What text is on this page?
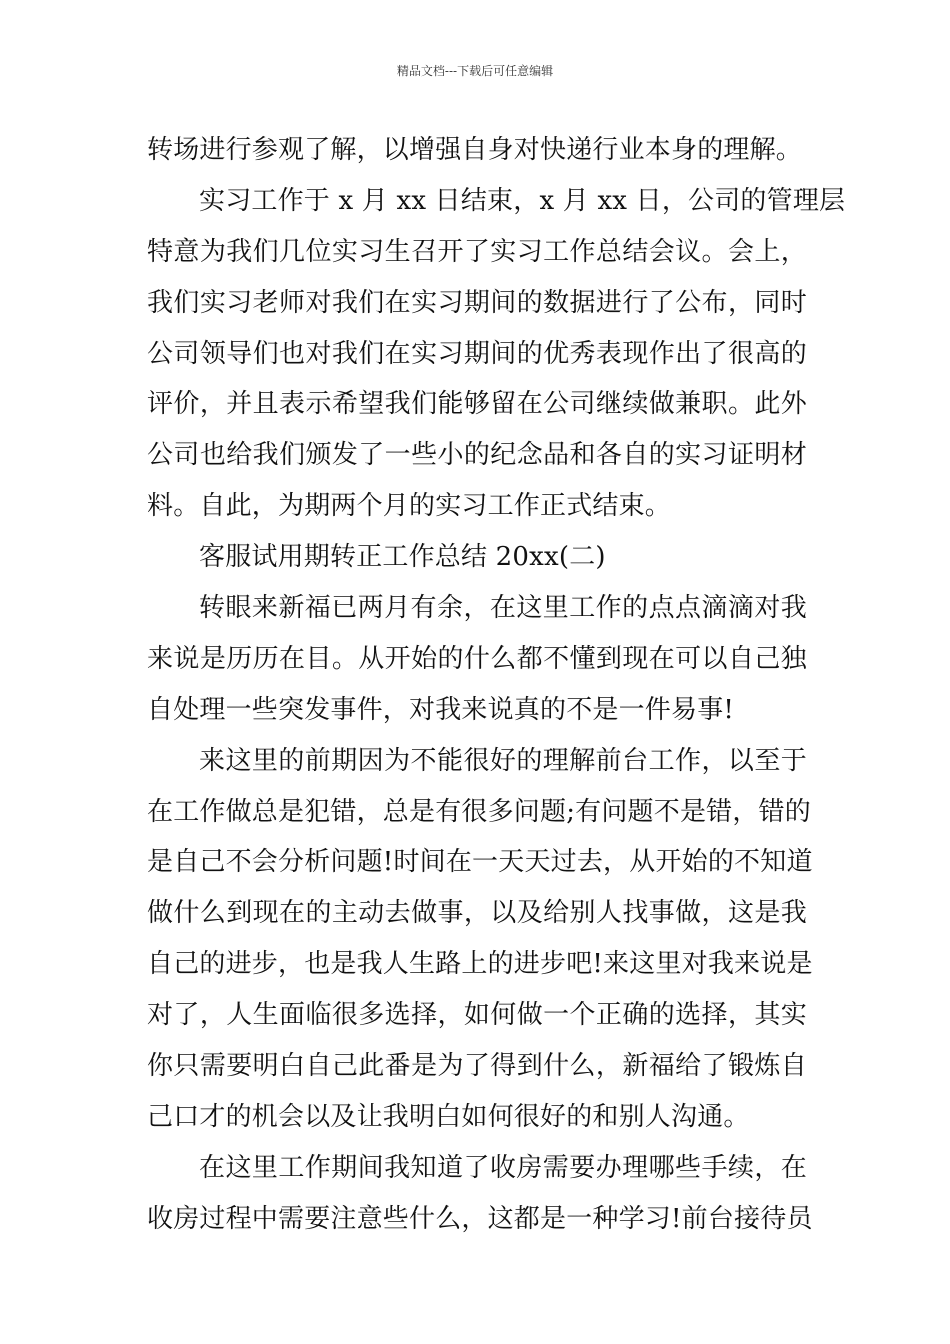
精品文档---下载后可任意编辑
转场进行参观了解，以增强自身对快递行业本身的理解。
实习工作于 x 月 xx 日结束，x 月 xx 日，公司的管理层
特意为我们几位实习生召开了实习工作总结会议。会上，
我们实习老师对我们在实习期间的数据进行了公布，同时
公司领导们也对我们在实习期间的优秀表现作出了很高的
评价，并且表示希望我们能够留在公司继续做兼职。此外
公司也给我们颁发了一些小的纪念品和各自的实习证明材
料。自此，为期两个月的实习工作正式结束。
客服试用期转正工作总结 20xx(二)
转眼来新福已两月有余，在这里工作的点点滴滴对我
来说是历历在目。从开始的什么都不懂到现在可以自己独
自处理一些突发事件，对我来说真的不是一件易事!
来这里的前期因为不能很好的理解前台工作，以至于
在工作做总是犯错，总是有很多问题;有问题不是错，错的
是自己不会分析问题!时间在一天天过去，从开始的不知道
做什么到现在的主动去做事，以及给别人找事做，这是我
自己的进步，也是我人生路上的进步吧!来这里对我来说是
对了，人生面临很多选择，如何做一个正确的选择，其实
你只需要明白自己此番是为了得到什么，新福给了锻炼自
己口才的机会以及让我明白如何很好的和别人沟通。
在这里工作期间我知道了收房需要办理哪些手续，在
收房过程中需要注意些什么，这都是一种学习!前台接待员
